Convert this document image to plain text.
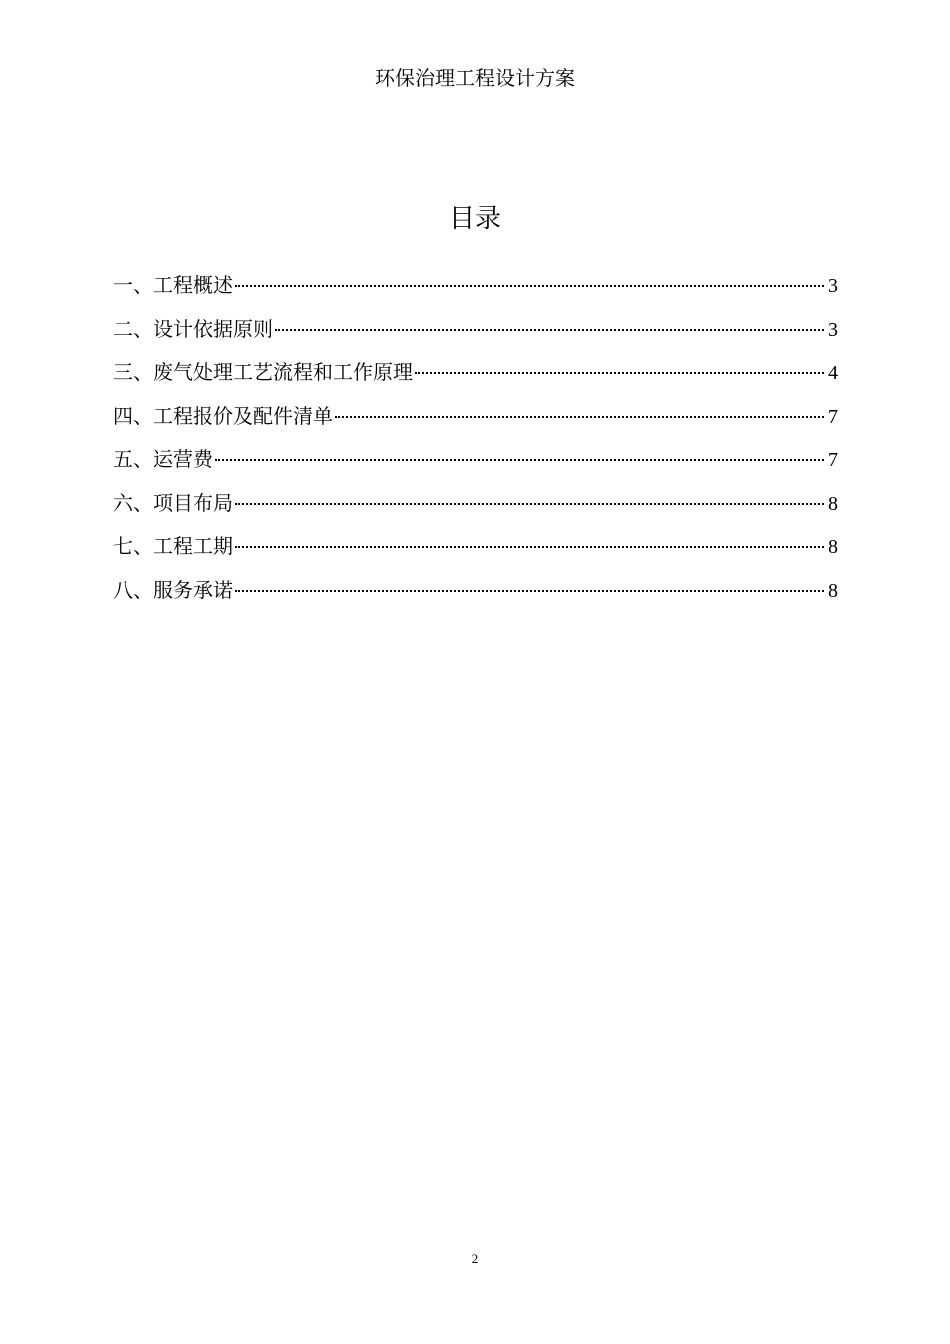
环保治理工程设计方案
目录
一、工程概述	3
二、设计依据原则	3
三、废气处理工艺流程和工作原理	4
四、工程报价及配件清单	7
五、运营费	7
六、项目布局	8
七、工程工期	8
八、服务承诺	8
2
